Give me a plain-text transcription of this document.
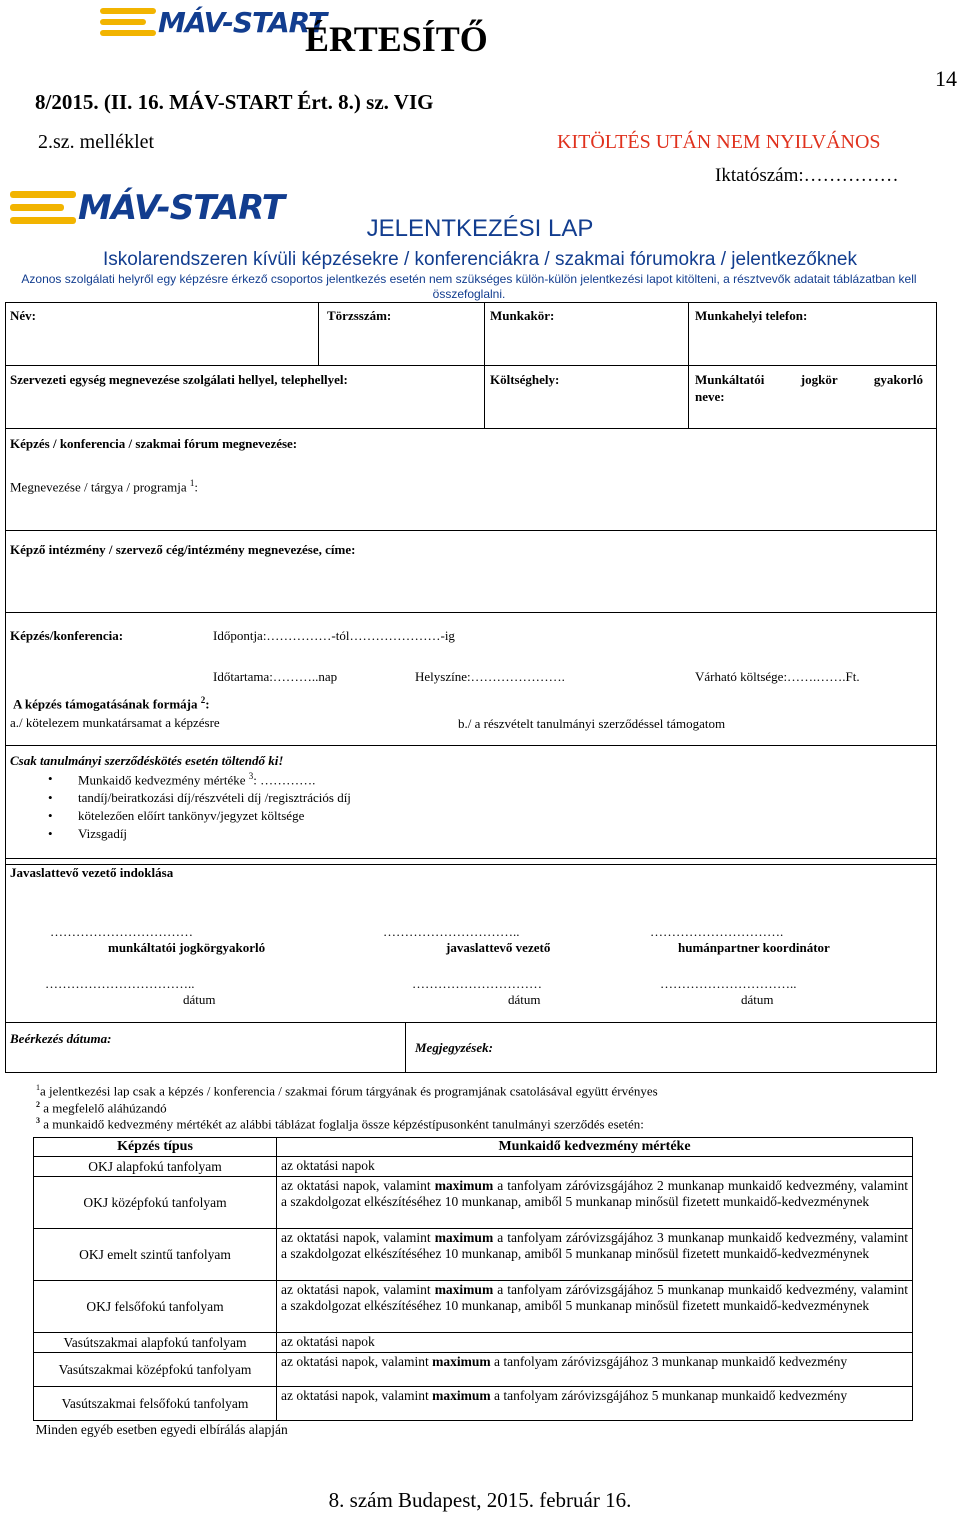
MÁV-START
ÉRTESÍTŐ
14
8/2015. (II. 16. MÁV-START Ért. 8.) sz. VIG
2.sz. melléklet	KITÖLTÉS UTÁN NEM NYILVÁNOS
Iktatószám:……………
MÁV-START
JELENTKEZÉSI LAP
Iskolarendszeren kívüli képzésekre / konferenciákra / szakmai fórumokra / jelentkezőknek
Azonos szolgálati helyről egy képzésre érkező csoportos jelentkezés esetén nem szükséges külön-külön jelentkezési lapot kitölteni, a résztvevők adatait táblázatban kell összefoglalni.
Név:	Törzsszám:	Munkakör:	Munkahelyi telefon:
Szervezeti egység megnevezése szolgálati hellyel, telephellyel:	Költséghely:	Munkáltatói jogkör gyakorló
neve:
Képzés / konferencia / szakmai fórum megnevezése:
Megnevezése / tárgya / programja $^1$:
Képző intézmény / szervező cég/intézmény megnevezése, címe:
Képzés/konferencia:	Időpontja:……………-tól…………………-ig
Időtartama:………..nap	Helyszíne:………………….	Várható költsége:…….…….Ft.
A képzés támogatásának formája $^2$:
a./ kötelezem munkatársamat a képzésre	b./ a részvételt tanulmányi szerződéssel támogatom
Csak tanulmányi szerződéskötés esetén töltendő ki!
Munkaidő kedvezmény mértéke $^3$: ………….
tandíj/beiratkozási díj/részvételi díj /regisztrációs díj
kötelezően előírt tankönyv/jegyzet költsége
Vizsgadíj
Javaslattevő vezető indoklása
……………………………	…………………………..	………………………….
munkáltatói jogkörgyakorló	javaslattevő vezető	humánpartner koordinátor
……………………………..	…………………………	…………………………..
dátum	dátum	dátum
Beérkezés dátuma:
Megjegyzések:
$^1$a jelentkezési lap csak a képzés / konferencia / szakmai fórum tárgyának és programjának csatolásával együtt érvényes
$^2$ a megfelelő aláhúzandó
$^3$ a munkaidő kedvezmény mértékét az alábbi táblázat foglalja össze képzéstípusonként tanulmányi szerződés esetén:
Képzés típus	Munkaidő kedvezmény mértéke
OKJ alapfokú tanfolyam	az oktatási napok
OKJ középfokú tanfolyam	az oktatási napok, valamint maximum a tanfolyam záróvizsgájához 2 munkanap munkaidő kedvezmény, valamint a szakdolgozat elkészítéséhez 10 munkanap, amiből 5 munkanap minősül fizetett munkaidő-kedvezménynek
OKJ emelt szintű tanfolyam	az oktatási napok, valamint maximum a tanfolyam záróvizsgájához 3 munkanap munkaidő kedvezmény, valamint a szakdolgozat elkészítéséhez 10 munkanap, amiből 5 munkanap minősül fizetett munkaidő-kedvezménynek
OKJ felsőfokú tanfolyam	az oktatási napok, valamint maximum a tanfolyam záróvizsgájához 5 munkanap munkaidő kedvezmény, valamint a szakdolgozat elkészítéséhez 10 munkanap, amiből 5 munkanap minősül fizetett munkaidő-kedvezménynek
Vasútszakmai alapfokú tanfolyam	az oktatási napok
Vasútszakmai középfokú tanfolyam	az oktatási napok, valamint maximum a tanfolyam záróvizsgájához 3 munkanap munkaidő kedvezmény
Vasútszakmai felsőfokú tanfolyam	az oktatási napok, valamint maximum a tanfolyam záróvizsgájához 5 munkanap munkaidő kedvezmény
Minden egyéb esetben egyedi elbírálás alapján	
8. szám Budapest, 2015. február 16.
